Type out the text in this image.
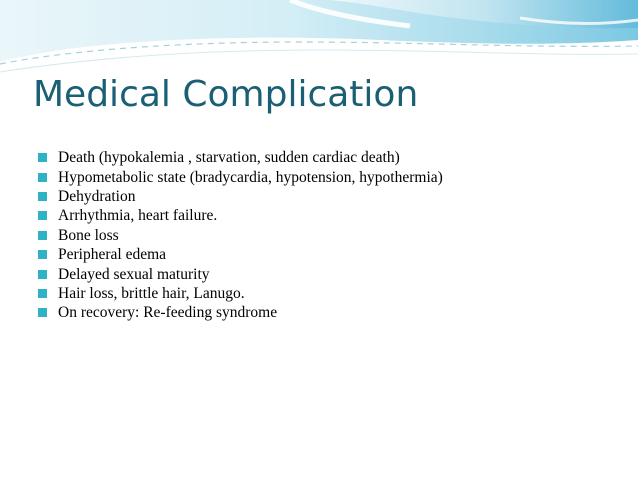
Medical Complication
Death (hypokalemia , starvation, sudden cardiac death)
Hypometabolic state (bradycardia, hypotension, hypothermia)
Dehydration
Arrhythmia, heart failure.
Bone loss
Peripheral edema
Delayed sexual maturity
Hair loss, brittle hair, Lanugo.
On recovery: Re-feeding syndrome
